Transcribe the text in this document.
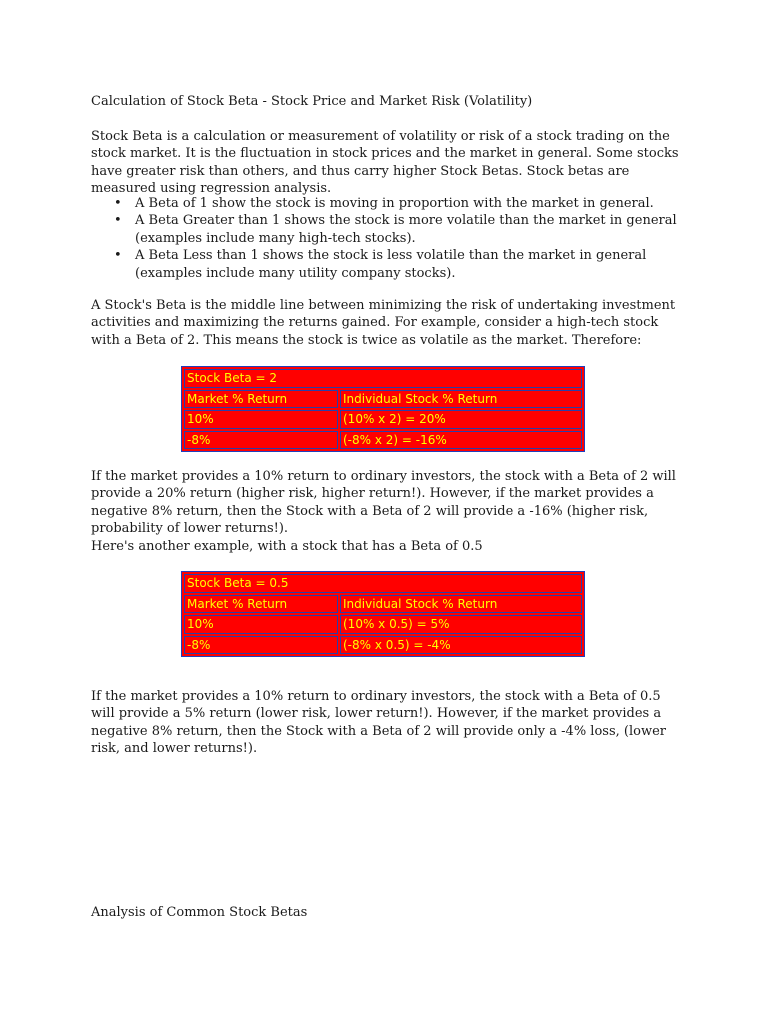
Calculation of Stock Beta - Stock Price and Market Risk (Volatility)
Stock Beta is a calculation or measurement of volatility or risk of a stock trading on the stock market. It is the fluctuation in stock prices and the market in general. Some stocks have greater risk than others, and thus carry higher Stock Betas. Stock betas are measured using regression analysis.
• A Beta of 1 show the stock is moving in proportion with the market in general.
• A Beta Greater than 1 shows the stock is more volatile than the market in general (examples include many high-tech stocks).
• A Beta Less than 1 shows the stock is less volatile than the market in general (examples include many utility company stocks).
A Stock's Beta is the middle line between minimizing the risk of undertaking investment activities and maximizing the returns gained. For example, consider a high-tech stock with a Beta of 2. This means the stock is twice as volatile as the market. Therefore:
Stock Beta = 2	
Market % Return	Individual Stock % Return
10%	(10% x 2) = 20%
-8%	(-8% x 2) = -16%
If the market provides a 10% return to ordinary investors, the stock with a Beta of 2 will provide a 20% return (higher risk, higher return!). However, if the market provides a negative 8% return, then the Stock with a Beta of 2 will provide a -16% (higher risk, probability of lower returns!).
Here's another example, with a stock that has a Beta of 0.5
Stock Beta = 0.5	
Market % Return	Individual Stock % Return
10%	(10% x 0.5) = 5%
-8%	(-8% x 0.5) = -4%
If the market provides a 10% return to ordinary investors, the stock with a Beta of 0.5 will provide a 5% return (lower risk, lower return!). However, if the market provides a negative 8% return, then the Stock with a Beta of 2 will provide only a -4% loss, (lower risk, and lower returns!).
Analysis of Common Stock Betas
